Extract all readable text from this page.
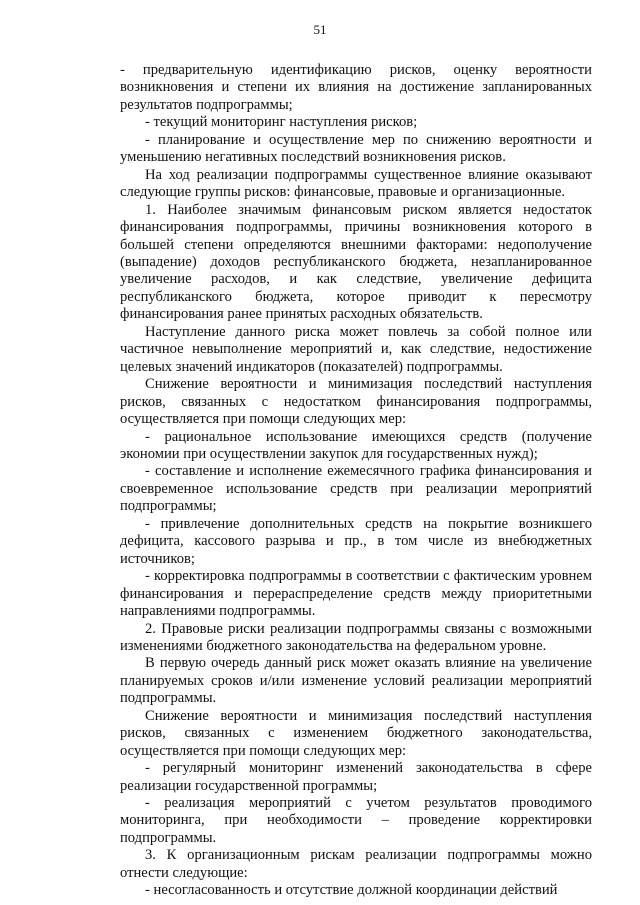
51

- предварительную идентификацию рисков, оценку вероятности возникновения и степени их влияния на достижение запланированных результатов подпрограммы;

- текущий мониторинг наступления рисков;

- планирование и осуществление мер по снижению вероятности и уменьшению негативных последствий возникновения рисков.

На ход реализации подпрограммы существенное влияние оказывают следующие группы рисков: финансовые, правовые и организационные.

1. Наиболее значимым финансовым риском является недостаток финансирования подпрограммы, причины возникновения которого в большей степени определяются внешними факторами: недополучение (выпадение) доходов республиканского бюджета, незапланированное увеличение расходов, и как следствие, увеличение дефицита республиканского бюджета, которое приводит к пересмотру финансирования ранее принятых расходных обязательств.

Наступление данного риска может повлечь за собой полное или частичное невыполнение мероприятий и, как следствие, недостижение целевых значений индикаторов (показателей) подпрограммы.

Снижение вероятности и минимизация последствий наступления рисков, связанных с недостатком финансирования подпрограммы, осуществляется при помощи следующих мер:

- рациональное использование имеющихся средств (получение экономии при осуществлении закупок для государственных нужд);

- составление и исполнение ежемесячного графика финансирования и своевременное использование средств при реализации мероприятий подпрограммы;

- привлечение дополнительных средств на покрытие возникшего дефицита, кассового разрыва и пр., в том числе из внебюджетных источников;

- корректировка подпрограммы в соответствии с фактическим уровнем финансирования и перераспределение средств между приоритетными направлениями подпрограммы.

2. Правовые риски реализации подпрограммы связаны с возможными изменениями бюджетного законодательства на федеральном уровне.

В первую очередь данный риск может оказать влияние на увеличение планируемых сроков и/или изменение условий реализации мероприятий подпрограммы.

Снижение вероятности и минимизация последствий наступления рисков, связанных с изменением бюджетного законодательства, осуществляется при помощи следующих мер:

- регулярный мониторинг изменений законодательства в сфере реализации государственной программы;

- реализация мероприятий с учетом результатов проводимого мониторинга, при необходимости – проведение корректировки подпрограммы.

3. К организационным рискам реализации подпрограммы можно отнести следующие:

- несогласованность и отсутствие должной координации действий
